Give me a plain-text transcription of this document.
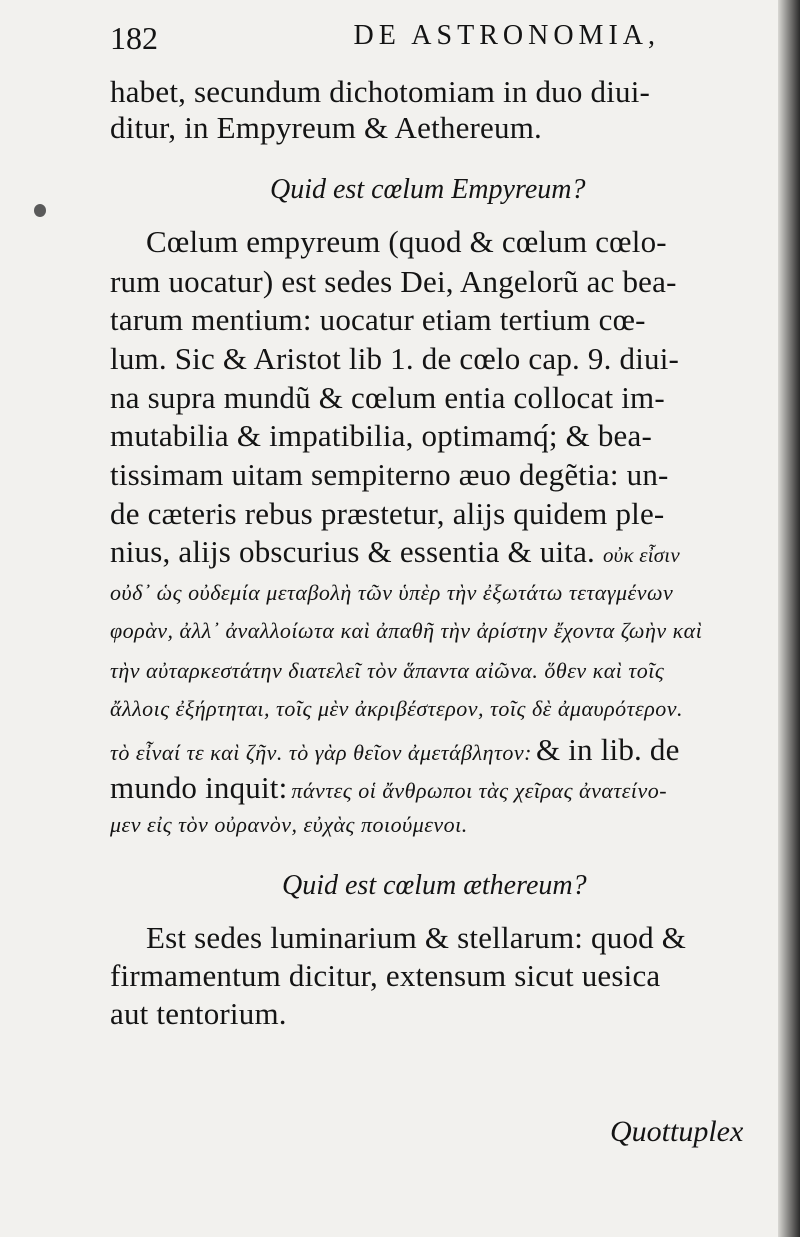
182	DE ASTRONOMIA,
habet, secundum dichotomiam in duo diui-
ditur, in Empyreum & Aethereum.
Quid est cœlum Empyreum?
Cœlum empyreum (quod & cœlum cœlo-
rum uocatur) est sedes Dei, Angelorũ ac bea-
tarum mentium: uocatur etiam tertium cœ-
lum. Sic & Aristot lib 1. de cœlo cap. 9. diui-
na supra mundũ & cœlum entia collocat im-
mutabilia & impatibilia, optimamq́; & bea-
tissimam uitam sempiterno æuo degẽtia: un-
de cæteris rebus præstetur, alijs quidem ple-
nius, alijs obscurius & essentia & uita. οὐκ εἶσιν
οὐδ᾽ ὡς οὐδεμία μεταβολὴ τῶν ὑπὲρ τὴν ἐξωτάτω τεταγμένων
φορὰν, ἀλλ᾽ ἀναλλοίωτα καὶ ἀπαθῆ τὴν ἀρίστην ἔχοντα ζωὴν καὶ
τὴν αὐταρκεστάτην διατελεῖ τὸν ἅπαντα αἰῶνα. ὅθεν καὶ τοῖς
ἄλλοις ἐξήρτηται, τοῖς μὲν ἀκριβέστερον, τοῖς δὲ ἀμαυρότερον.
τὸ εἶναί τε καὶ ζῆν. τὸ γὰρ θεῖον ἀμετάβλητον: & in lib. de
mundo inquit: πάντες οἱ ἄνθρωποι τὰς χεῖρας ἀνατείνο-
μεν εἰς τὸν οὐρανὸν, εὐχὰς ποιούμενοι.
Quid est cœlum æthereum?
Est sedes luminarium & stellarum: quod &
firmamentum dicitur, extensum sicut uesica
aut tentorium.
Quottuplex
